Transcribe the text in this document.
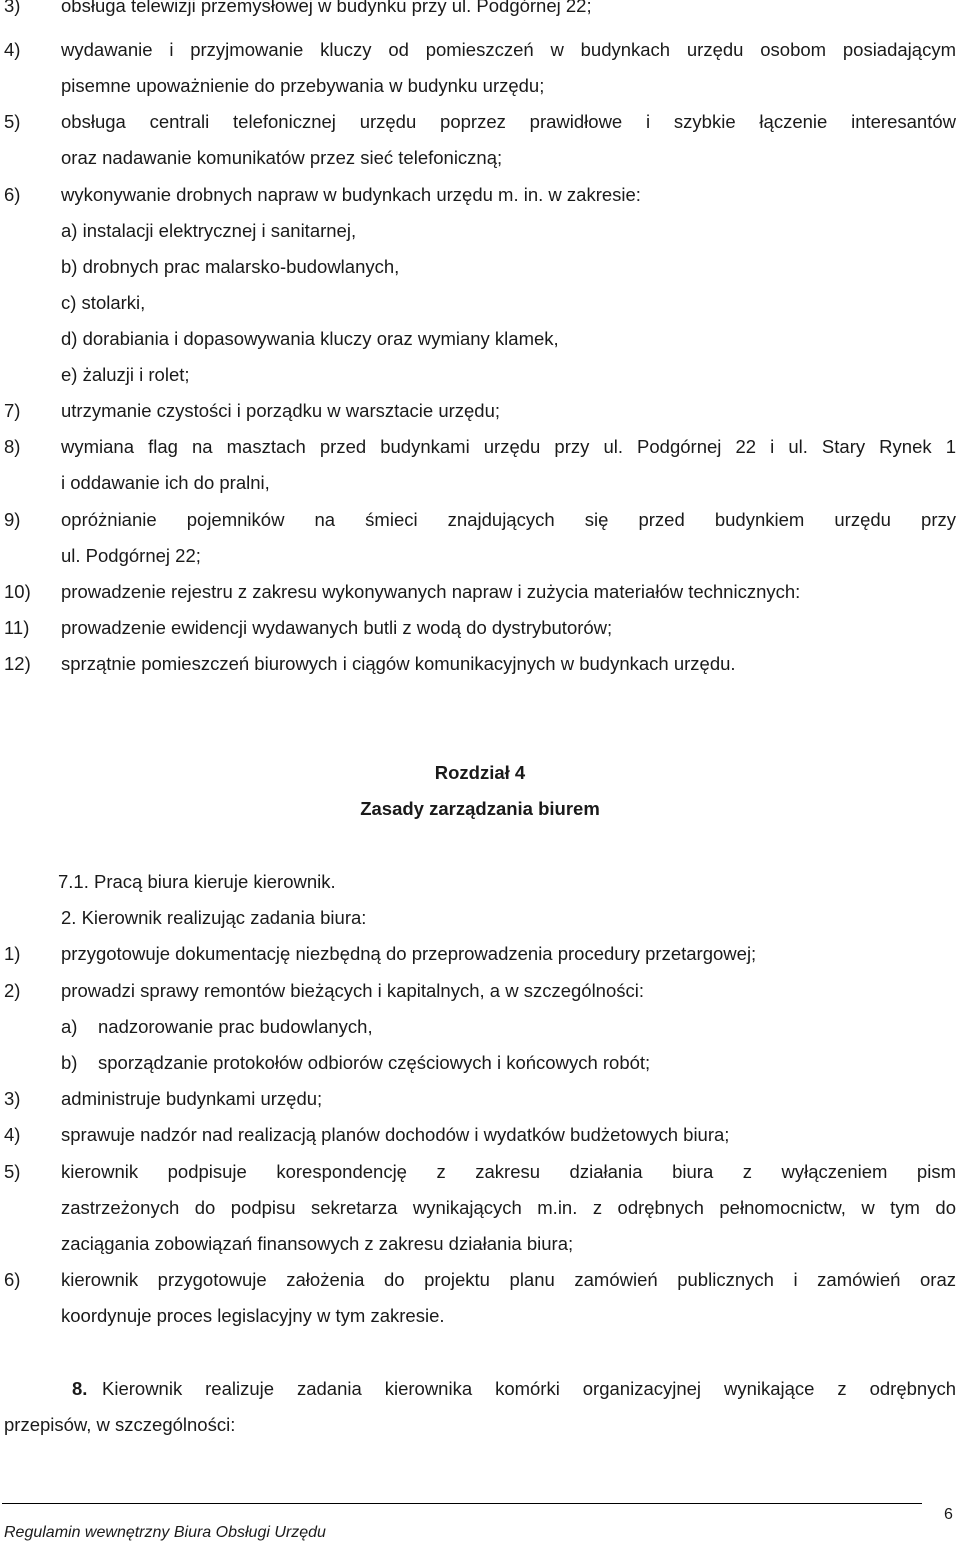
3) obsługa telewizji przemysłowej w budynku przy ul. Podgórnej 22;
4) wydawanie i przyjmowanie kluczy od pomieszczeń w budynkach urzędu osobom posiadającym
pisemne upoważnienie do przebywania w budynku urzędu;
5) obsługa centrali telefonicznej urzędu poprzez prawidłowe i szybkie łączenie interesantów
oraz nadawanie komunikatów przez sieć telefoniczną;
6) wykonywanie drobnych napraw w budynkach urzędu m. in. w zakresie:
a) instalacji elektrycznej i sanitarnej,
b) drobnych prac malarsko-budowlanych,
c) stolarki,
d) dorabiania i dopasowywania kluczy oraz wymiany klamek,
e) żaluzji i rolet;
7) utrzymanie czystości i porządku w warsztacie urzędu;
8) wymiana flag na masztach przed budynkami urzędu przy ul. Podgórnej 22 i ul. Stary Rynek 1
i oddawanie ich do pralni,
9) opróżnianie pojemników na śmieci znajdujących się przed budynkiem urzędu przy
ul. Podgórnej 22;
10) prowadzenie rejestru z zakresu wykonywanych napraw i zużycia materiałów technicznych:
11) prowadzenie ewidencji wydawanych butli z wodą do dystrybutorów;
12) sprzątnie pomieszczeń biurowych i ciągów komunikacyjnych w budynkach urzędu.
Rozdział 4
Zasady zarządzania biurem
7.1. Pracą biura kieruje kierownik.
2. Kierownik realizując zadania biura:
1) przygotowuje dokumentację niezbędną do przeprowadzenia procedury przetargowej;
2) prowadzi sprawy remontów bieżących i kapitalnych, a w szczególności:
a) nadzorowanie prac budowlanych,
b) sporządzanie protokołów odbiorów częściowych i końcowych robót;
3) administruje budynkami urzędu;
4) sprawuje nadzór nad realizacją planów dochodów i wydatków budżetowych biura;
5) kierownik podpisuje korespondencję z zakresu działania biura z wyłączeniem pism
zastrzeżonych do podpisu sekretarza wynikających m.in. z odrębnych pełnomocnictw, w tym do
zaciągania zobowiązań finansowych z zakresu działania biura;
6) kierownik przygotowuje założenia do projektu planu zamówień publicznych i zamówień oraz
koordynuje proces legislacyjny w tym zakresie.
8. Kierownik realizuje zadania kierownika komórki organizacyjnej wynikające z odrębnych
przepisów, w szczególności:
6
Regulamin wewnętrzny Biura Obsługi Urzędu
